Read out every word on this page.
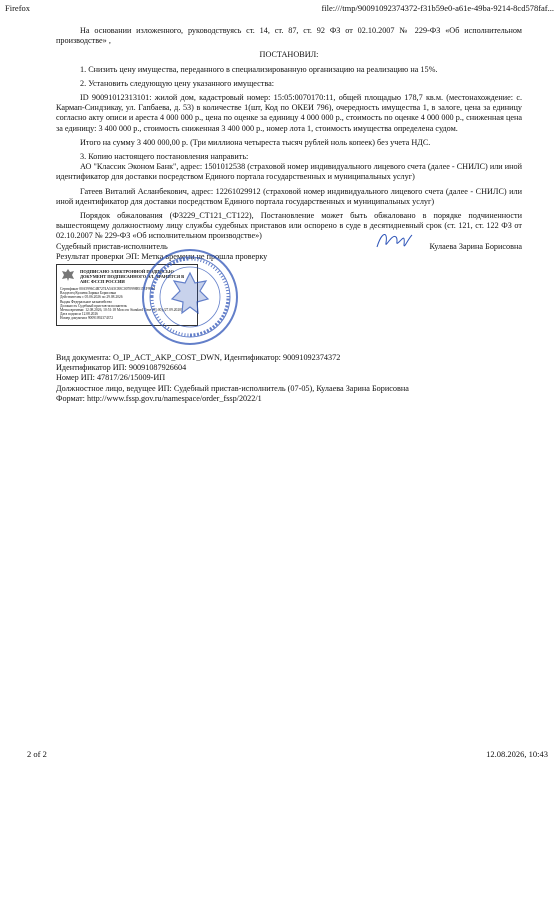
Firefox	file:///tmp/90091092374372-f31b59e0-a61e-49ba-9214-8cd578faf...

На основании изложенного, руководствуясь ст. 14, ст. 87, ст. 92 ФЗ от 02.10.2007 № 229-ФЗ «Об исполнительном производстве» ,

ПОСТАНОВИЛ:

1. Снизить цену имущества, переданного в специализированную организацию на реализацию на 15%.

2. Установить следующую цену указанного имущества:

ID 90091012313101: жилой дом, кадастровый номер: 15:05:0070170:11, общей площадью 178,7 кв.м. (местонахождение: с. Кармап-Синдзикау, ул. Гапбаева, д. 53) в количестве 1(шт, Код по ОКЕИ 796), очередность имущества 1, в залоге, цена за единицу согласно акту описи и ареста 4 000 000 р., цена по оценке за единицу 4 000 000 р., стоимость по оценке 4 000 000 р., сниженная цена за единицу: 3 400 000 р., стоимость сниженная 3 400 000 р., номер лота 1, стоимость имущества определена судом.

Итого на сумму 3 400 000,00 р. (Три миллиона четыреста тысяч рублей ноль копеек) без учета НДС.

3. Копию настоящего постановления направить:

АО "Классик Эконом Банк", адрес: 1501012538 (страховой номер индивидуального лицевого счета (далее - СНИЛС) или иной идентификатор для доставки посредством Единого портала государственных и муниципальных услуг)

Гатеев Виталий Асланбекович, адрес: 12261029912 (страховой номер индивидуального лицевого счета (далее - СНИЛС) или иной идентификатор для доставки посредством Единого портала государственных и муниципальных услуг)

Порядок обжалования (Ф3229_СТ121_СТ122), Постановление может быть обжаловано в порядке подчиненности вышестоящему должностному лицу службы судебных приставов или оспорено в суде в десятидневный срок (ст. 121, ст. 122 ФЗ от 02.10.2007 № 229-ФЗ «Об исполнительном производстве»)

Судебный пристав-исполнитель	Кулаева Зарина Борисовна

Результат проверки ЭП: Метка времени не прошла проверку

ПОДПИСАНО ЭЛЕКТРОННОЙ ПОДПИСЬЮ ДОКУМЕНТ ПОДПИСАННОГО ЭЛ. ХРАНИТСЯ В АИС ФССП РОССИИ
Сертификат 00A5996C4B7274A5A5C8EC00709988515EF9984
Владелец Кулаева Зарина Борисовна
Действителен с 05.06.2026 по 29.08.2026
Выдан Федеральное казначейство
Должность Судебный пристав-исполнитель
Метка времени: 12.08.2026, 10:51:18 Moscow Standard Time (01:00) (27.09.2020)
Дата подписи 12.08.2026
Номер документа 90091092374372

Вид документа: O_IP_ACT_AKP_COST_DWN, Идентификатор: 90091092374372

Идентификатор ИП: 90091087926604

Номер ИП: 47817/26/15009-ИП

Должностное лицо, ведущее ИП: Судебный пристав-исполнитель (07-05), Кулаева Зарина Борисовна

Формат: http://www.fssp.gov.ru/namespace/order_fssp/2022/1

2 of 2	12.08.2026, 10:43
